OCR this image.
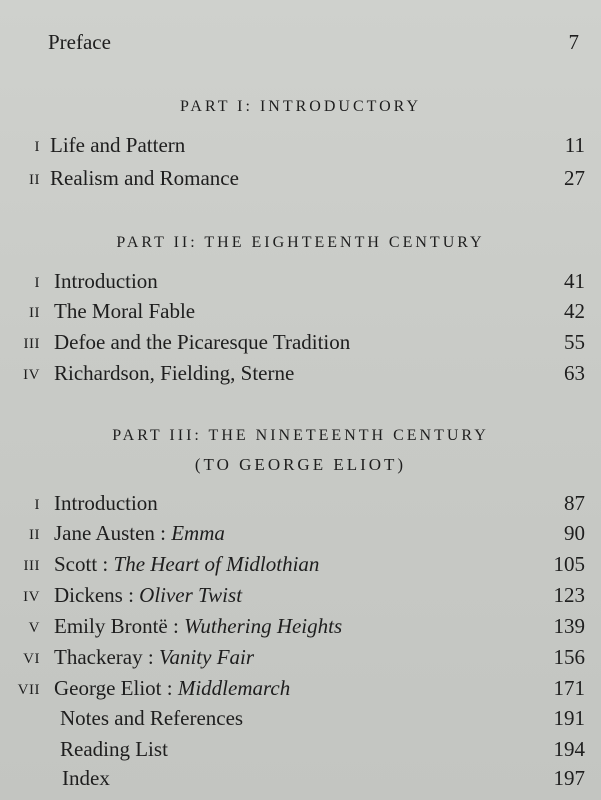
Preface	7
PART I: INTRODUCTORY
I Life and Pattern	11
II Realism and Romance	27
PART II: THE EIGHTEENTH CENTURY
I Introduction	41
II The Moral Fable	42
III Defoe and the Picaresque Tradition	55
IV Richardson, Fielding, Sterne	63
PART III: THE NINETEENTH CENTURY
(TO GEORGE ELIOT)
I Introduction	87
II Jane Austen : Emma	90
III Scott : The Heart of Midlothian	105
IV Dickens : Oliver Twist	123
V Emily Brontë : Wuthering Heights	139
VI Thackeray : Vanity Fair	156
VII George Eliot : Middlemarch	171
Notes and References	191
Reading List	194
Index	197
